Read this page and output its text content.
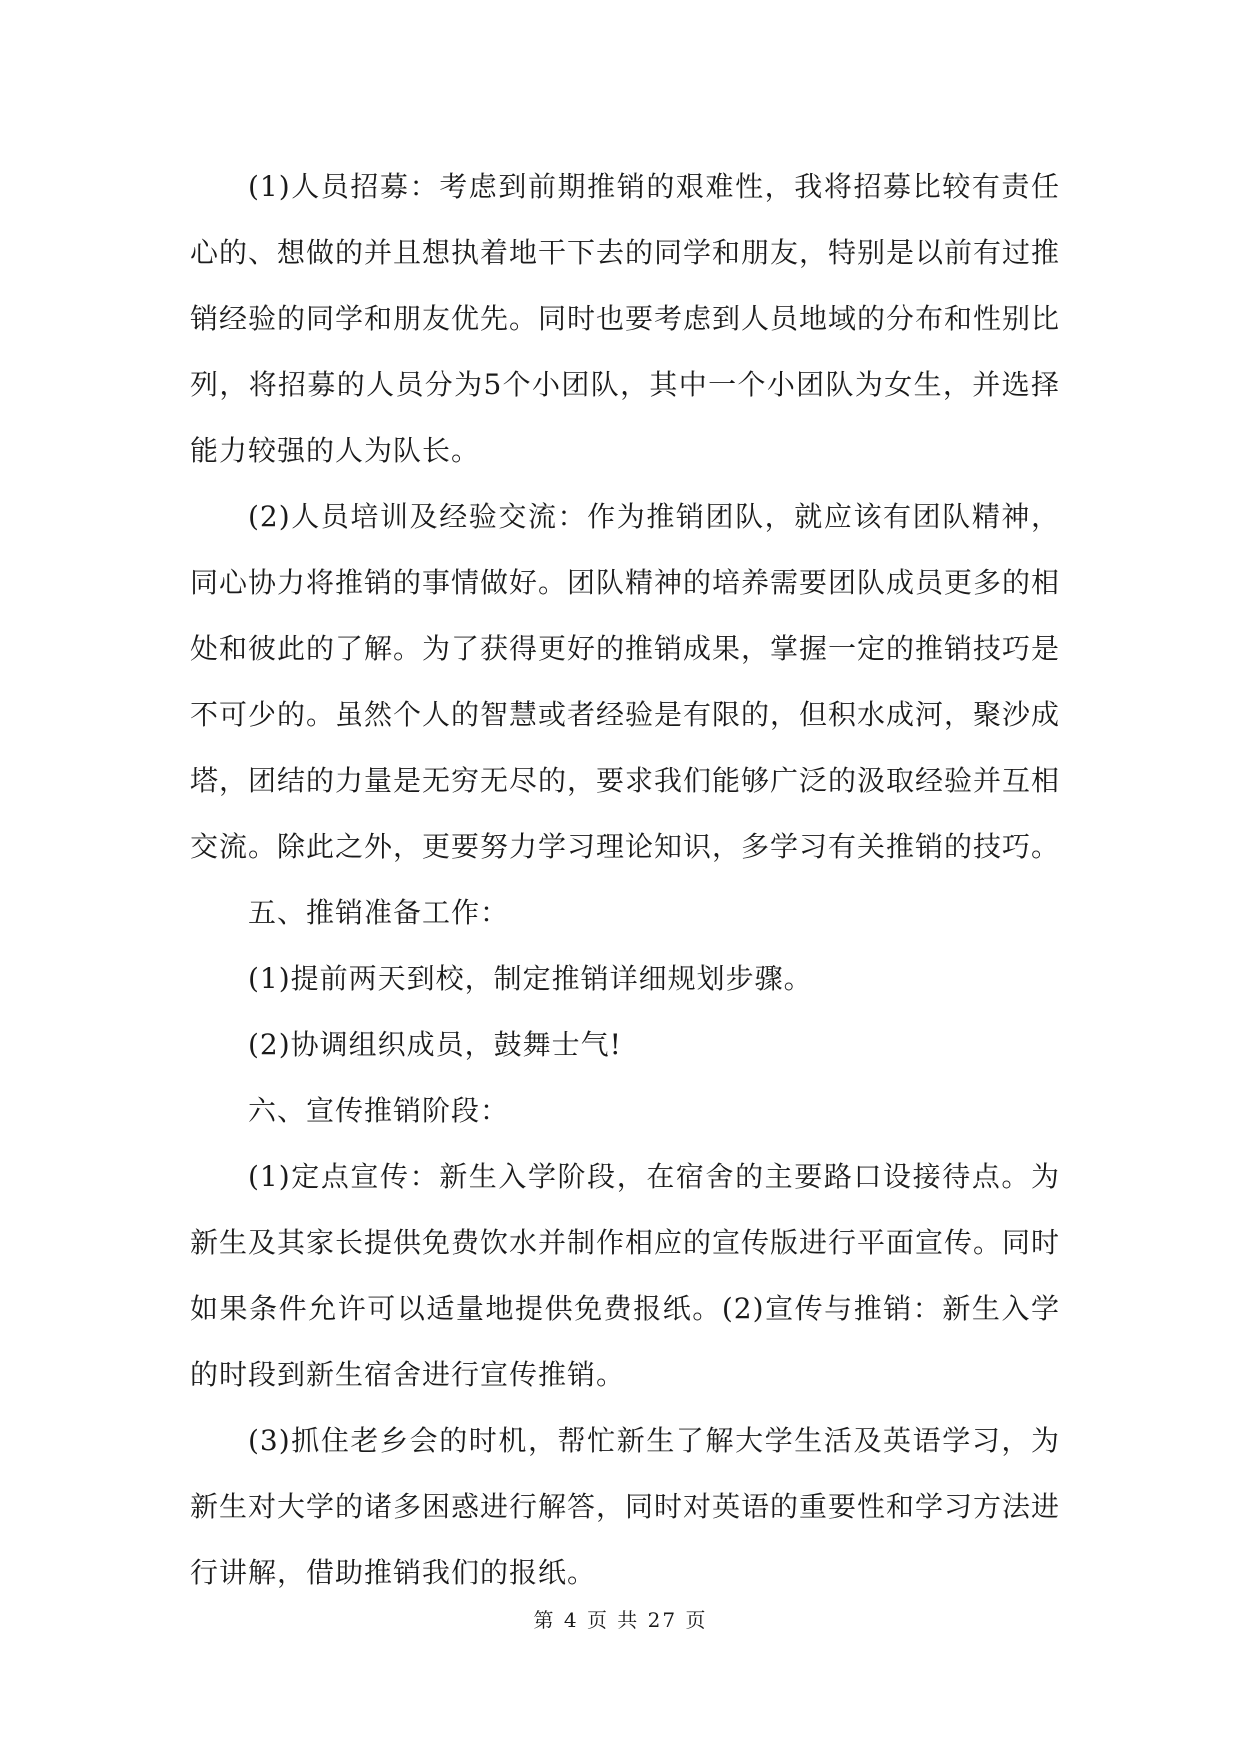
(1)人员招募：考虑到前期推销的艰难性，我将招募比较有责任心的、想做的并且想执着地干下去的同学和朋友，特别是以前有过推销经验的同学和朋友优先。同时也要考虑到人员地域的分布和性别比列，将招募的人员分为5个小团队，其中一个小团队为女生，并选择能力较强的人为队长。

(2)人员培训及经验交流：作为推销团队，就应该有团队精神，同心协力将推销的事情做好。团队精神的培养需要团队成员更多的相处和彼此的了解。为了获得更好的推销成果，掌握一定的推销技巧是不可少的。虽然个人的智慧或者经验是有限的，但积水成河，聚沙成塔，团结的力量是无穷无尽的，要求我们能够广泛的汲取经验并互相交流。除此之外，更要努力学习理论知识，多学习有关推销的技巧。

五、推销准备工作：

(1)提前两天到校，制定推销详细规划步骤。

(2)协调组织成员，鼓舞士气!

六、宣传推销阶段：

(1)定点宣传：新生入学阶段，在宿舍的主要路口设接待点。为新生及其家长提供免费饮水并制作相应的宣传版进行平面宣传。同时如果条件允许可以适量地提供免费报纸。(2)宣传与推销：新生入学的时段到新生宿舍进行宣传推销。

(3)抓住老乡会的时机，帮忙新生了解大学生活及英语学习，为新生对大学的诸多困惑进行解答，同时对英语的重要性和学习方法进行讲解，借助推销我们的报纸。

第 4 页 共 27 页
